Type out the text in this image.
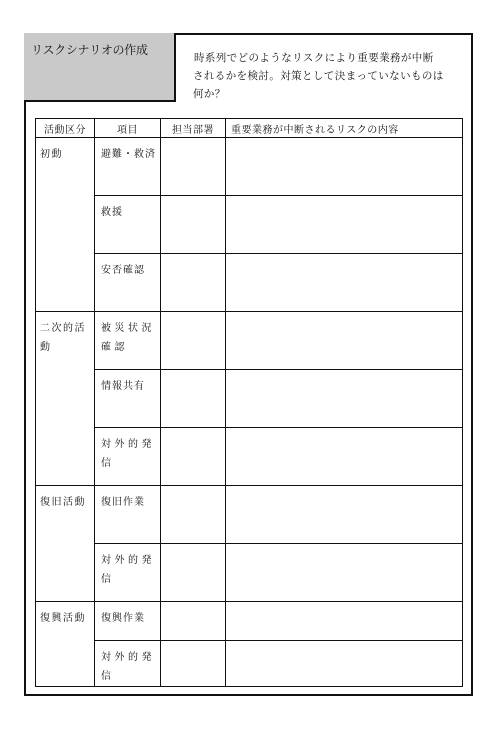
リスクシナリオの作成
時系列でどのようなリスクにより重要業務が中断
されるかを検討。対策として決まっていないものは
何か？
活動区分	項目	担当部署	重要業務が中断されるリスクの内容
初動	避難・救済		
	救援		
	安否確認		
二次的活動	被災状況確認		
	情報共有		
	対外的発信		
復旧活動	復旧作業		
	対外的発信		
復興活動	復興作業		
	対外的発信		
